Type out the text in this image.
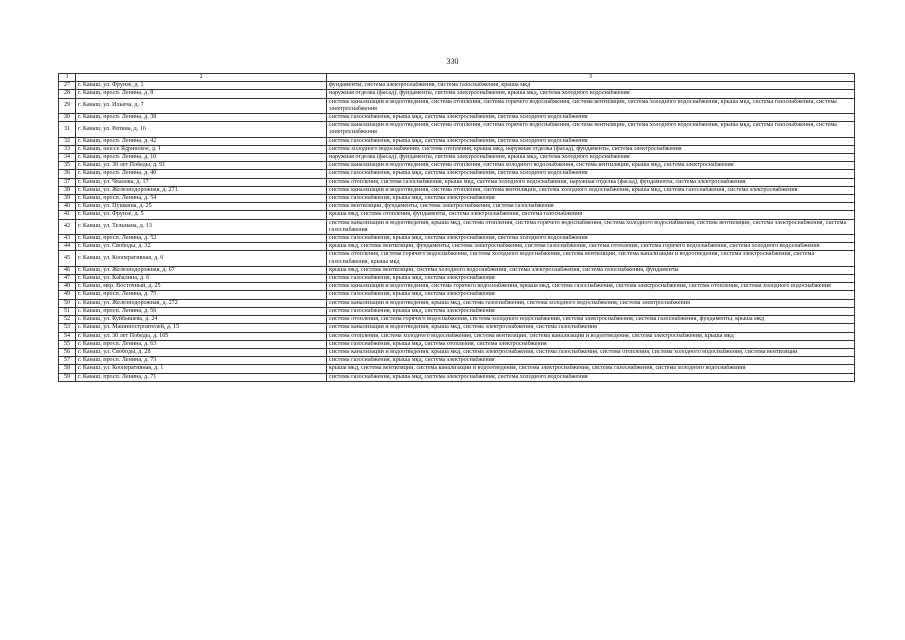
330
1	2	3
27	г. Канаш, ул. Фрунзе, д. 1	фундаменты, система электроснабжения, система газоснабжения, крыша мкд
28	г. Канаш, просп. Ленина, д. 8	наружная отделка (фасад), фундаменты, система электроснабжения, крыша мкд, система холодного водоснабжения
29	г. Канаш, ул. Ильича, д. 7	система канализации и водоотведения, система отопления, система горячего водоснабжения, система вентиляции, система холодного водоснабжения, крыша мкд, система газоснабжения, система электроснабжения
30	г. Канаш, просп. Ленина, д. 38	система газоснабжения, крыша мкд, система электроснабжения, система холодного водоснабжения
31	г. Канаш, ул. Репина, д. 16	система канализации и водоотведения, система отопления, система горячего водоснабжения, система вентиляции, система холодного водоснабжения, крыша мкд, система газоснабжения, система электроснабжения
32	г. Канаш, просп. Ленина, д. 42	система газоснабжения, крыша мкд, система электроснабжения, система холодного водоснабжения
33	г. Канаш, шоссе Ядринское, д. 1	система холодного водоснабжения, система отопления, крыша мкд, наружная отделка (фасад), фундаменты, система электроснабжения
34	г. Канаш, просп. Ленина, д. 10	наружная отделка (фасад), фундаменты, система электроснабжения, крыша мкд, система холодного водоснабжения
35	г. Канаш, ул. 30 лет Победы, д. 91	система канализации и водоотведения, система отопления, система холодного водоснабжения, система вентиляции, крыша мкд, система электроснабжения
36	г. Канаш, просп. Ленина, д. 40	система газоснабжения, крыша мкд, система электроснабжения, система холодного водоснабжения
37	г. Канаш, ул. Чкалова, д. 17	система отопления, система газоснабжения, крыша мкд, система холодного водоснабжения, наружная отделка (фасад), фундаменты, система электроснабжения
38	г. Канаш, ул. Железнодорожная, д. 271	система канализации и водоотведения, система отопления, система вентиляции, система холодного водоснабжения, крыша мкд, система газоснабжения, система электроснабжения
39	г. Канаш, просп. Ленина, д. 54	система газоснабжения, крыша мкд, система электроснабжения
40	г. Канаш, ул. Пушкина, д. 25	система вентиляции, фундаменты, система электроснабжения, система газоснабжения
41	г. Канаш, ул. Фрунзе, д. 5	крыша мкд, система отопления, фундаменты, система электроснабжения, система газоснабжения
42	г. Канаш, ул. Тельмана, д. 13	система канализации и водоотведения, крыша мкд, система отопления, система горячего водоснабжения, система холодного водоснабжения, система вентиляции, система электроснабжения, система газоснабжения
43	г. Канаш, просп. Ленина, д. 52	система газоснабжения, крыша мкд, система электроснабжения, система холодного водоснабжения
44	г. Канаш, ул. Свободы, д. 32	крыша мкд, система вентиляции, фундаменты, система электроснабжения, система газоснабжения, система отопления, система горячего водоснабжения, система холодного водоснабжения
45	г. Канаш, ул. Кооперативная, д. 6	система отопления, система горячего водоснабжения, система холодного водоснабжения, система вентиляции, система канализации и водоотведения, система электроснабжения, система газоснабжения, крыша мкд
46	г. Канаш, ул. Железнодорожная, д. 67	крыша мкд, система вентиляции, система холодного водоснабжения, система электроснабжения, система газоснабжения, фундаменты
47	г. Канаш, ул. Кабалина, д. 6	система газоснабжения, крыша мкд, система электроснабжения
48	г. Канаш, мкр. Восточный, д. 25	система канализации и водоотведения, система горячего водоснабжения, крыша мкд, система газоснабжения, система электроснабжения, система отопления, система холодного водоснабжения
49	г. Канаш, просп. Ленина, д. 75	система газоснабжения, крыша мкд, система электроснабжения
50	г. Канаш, ул. Железнодорожная, д. 272	система канализации и водоотведения, крыша мкд, система газоснабжения, система холодного водоснабжения, система электроснабжения
51	г. Канаш, просп. Ленина, д. 56	система газоснабжения, крыша мкд, система электроснабжения
52	г. Канаш, ул. Куйбышева, д. 24	система отопления, система горячего водоснабжения, система холодного водоснабжения, система электроснабжения, система газоснабжения, фундаменты, крыша мкд
53	г. Канаш, ул. Машиностроителей, д. 15	система канализации и водоотведения, крыша мкд, система электроснабжения, система газоснабжения
54	г. Канаш, ул. 30 лет Победы, д. 105	система отопления, система холодного водоснабжения, система вентиляции, система канализации и водоотведения, система электроснабжения, крыша мкд
55	г. Канаш, просп. Ленина, д. 63	система газоснабжения, крыша мкд, система отопления, система электроснабжения
56	г. Канаш, ул. Свободы, д. 28	система канализации и водоотведения, крыша мкд, система электроснабжения, система газоснабжения, система отопления, система холодного водоснабжения, система вентиляции
57	г. Канаш, просп. Ленина, д. 73	система газоснабжения, крыша мкд, система электроснабжения
58	г. Канаш, ул. Кооперативная, д. 1	крыша мкд, система вентиляции, система канализации и водоотведения, система электроснабжения, система газоснабжения, система холодного водоснабжения
59	г. Канаш, просп. Ленина, д. 71	система газоснабжения, крыша мкд, система электроснабжения, система холодного водоснабжения
